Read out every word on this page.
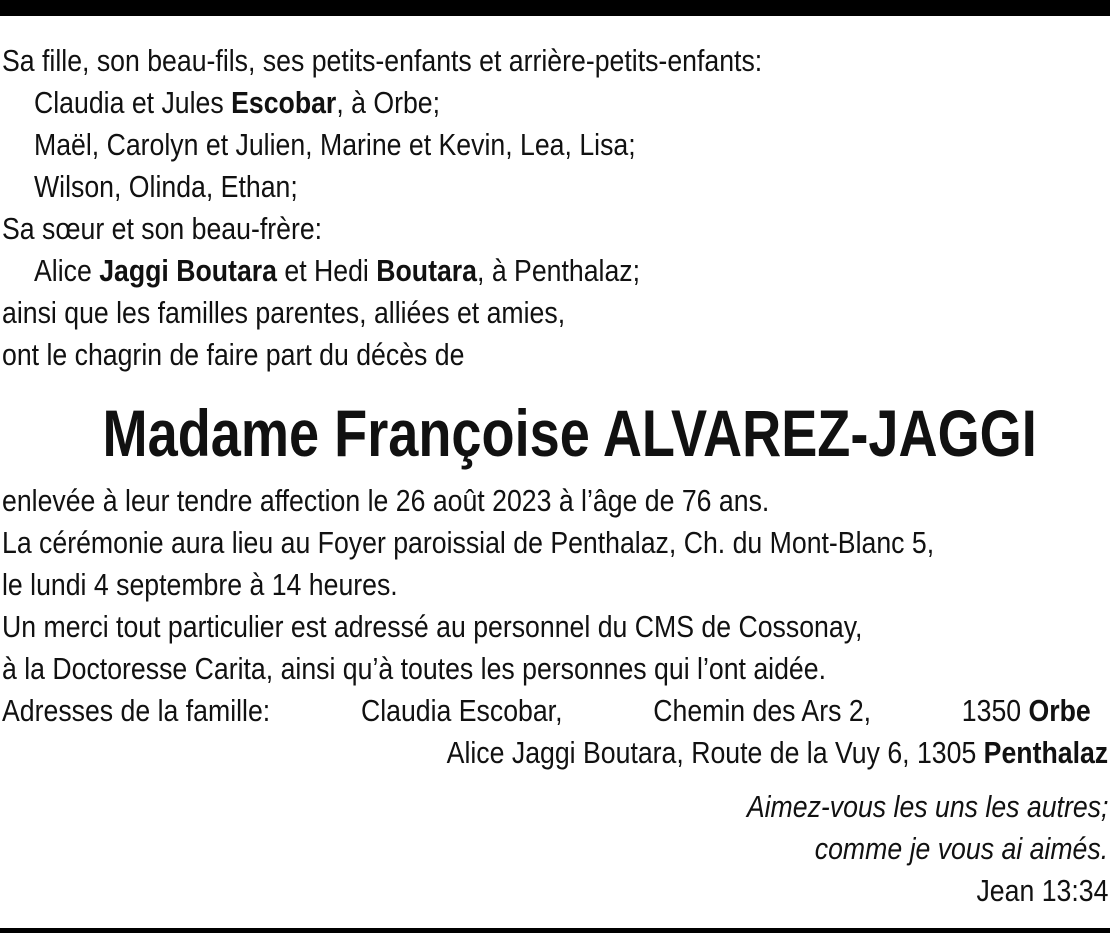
Sa fille, son beau-fils, ses petits-enfants et arrière-petits-enfants:
Claudia et Jules Escobar, à Orbe;
Maël, Carolyn et Julien, Marine et Kevin, Lea, Lisa;
Wilson, Olinda, Ethan;
Sa sœur et son beau-frère:
Alice Jaggi Boutara et Hedi Boutara, à Penthalaz;
ainsi que les familles parentes, alliées et amies,
ont le chagrin de faire part du décès de
Madame Françoise ALVAREZ-JAGGI
enlevée à leur tendre affection le 26 août 2023 à l’âge de 76 ans.
La cérémonie aura lieu au Foyer paroissial de Penthalaz, Ch. du Mont-Blanc 5,
le lundi 4 septembre à 14 heures.
Un merci tout particulier est adressé au personnel du CMS de Cossonay,
à la Doctoresse Carita, ainsi qu’à toutes les personnes qui l’ont aidée.
Adresses de la famille:	Claudia Escobar,	Chemin des Ars 2,	1350 Orbe
Alice Jaggi Boutara, Route de la Vuy 6, 1305 Penthalaz
Aimez-vous les uns les autres;
comme je vous ai aimés.
Jean 13:34
